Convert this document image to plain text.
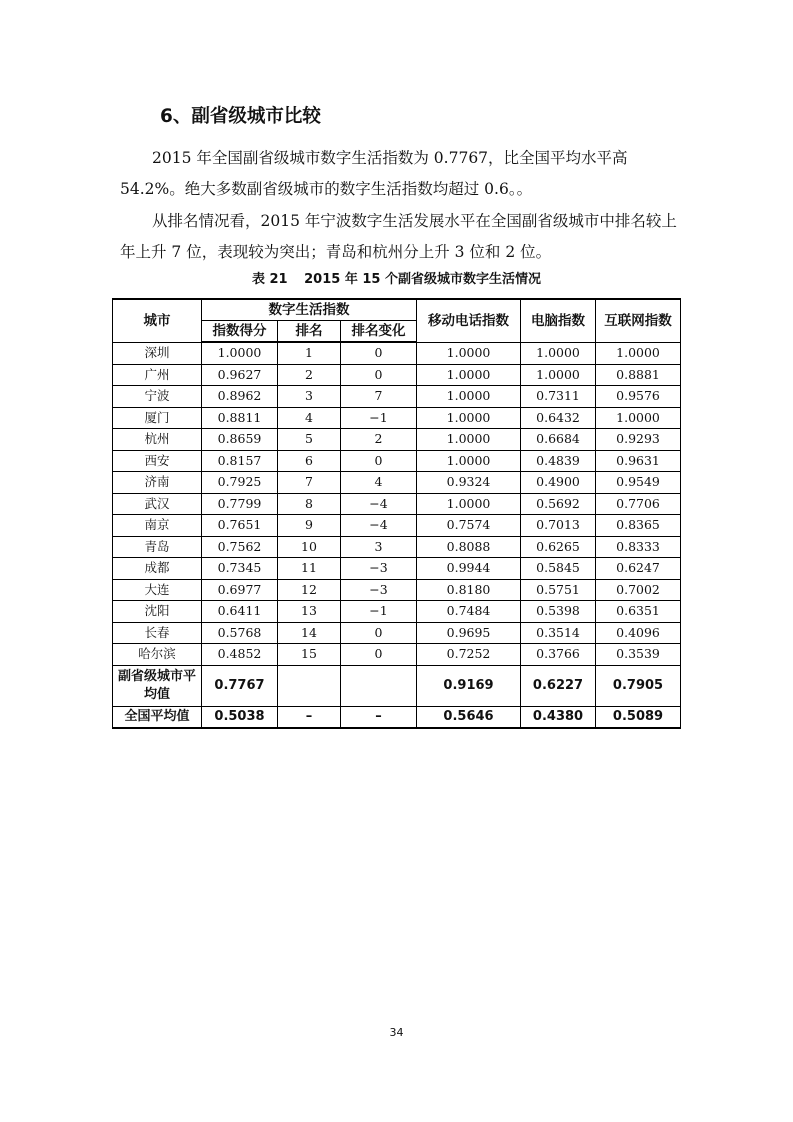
6、副省级城市比较

2015 年全国副省级城市数字生活指数为 0.7767，比全国平均水平高 54.2%。绝大多数副省级城市的数字生活指数均超过 0.6。。

从排名情况看，2015 年宁波数字生活发展水平在全国副省级城市中排名较上年上升 7 位，表现较为突出；青岛和杭州分上升 3 位和 2 位。

表 21 2015 年 15 个副省级城市数字生活情况
城市	数字生活指数			移动电话指数	电脑指数	互联网指数
	指数得分	排名	排名变化			
深圳	1.0000	1	0	1.0000	1.0000	1.0000
广州	0.9627	2	0	1.0000	1.0000	0.8881
宁波	0.8962	3	7	1.0000	0.7311	0.9576
厦门	0.8811	4	−1	1.0000	0.6432	1.0000
杭州	0.8659	5	2	1.0000	0.6684	0.9293
西安	0.8157	6	0	1.0000	0.4839	0.9631
济南	0.7925	7	4	0.9324	0.4900	0.9549
武汉	0.7799	8	−4	1.0000	0.5692	0.7706
南京	0.7651	9	−4	0.7574	0.7013	0.8365
青岛	0.7562	10	3	0.8088	0.6265	0.8333
成都	0.7345	11	−3	0.9944	0.5845	0.6247
大连	0.6977	12	−3	0.8180	0.5751	0.7002
沈阳	0.6411	13	−1	0.7484	0.5398	0.6351
长春	0.5768	14	0	0.9695	0.3514	0.4096
哈尔滨	0.4852	15	0	0.7252	0.3766	0.3539
副省级城市平均值	0.7767			0.9169	0.6227	0.7905
全国平均值	0.5038	–	–	0.5646	0.4380	0.5089
34
